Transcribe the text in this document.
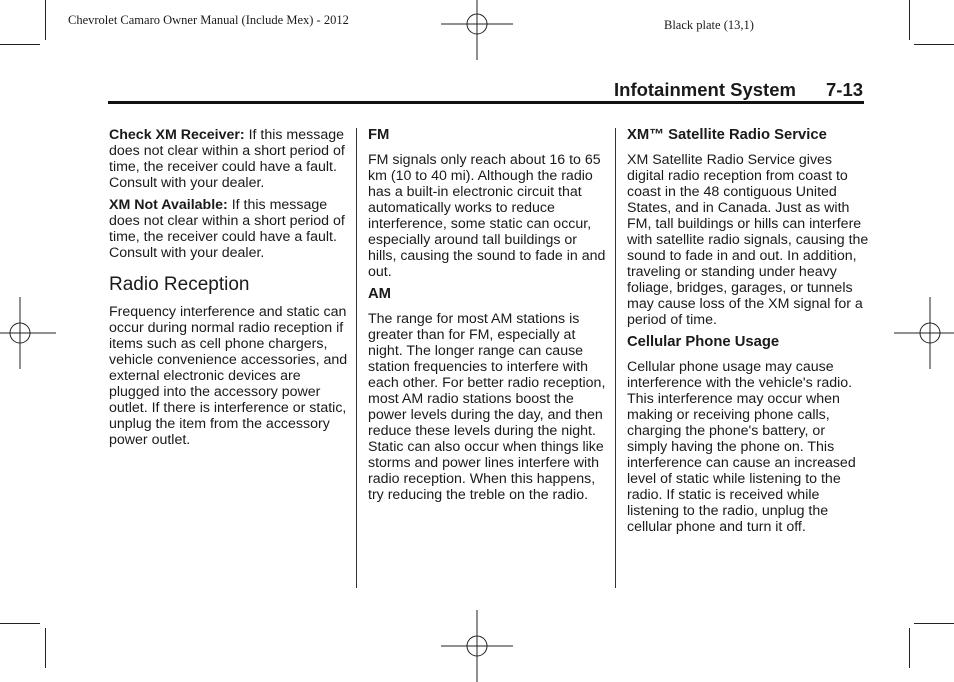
Chevrolet Camaro Owner Manual (Include Mex) - 2012	Black plate (13,1)
Infotainment System 7-13

Check XM Receiver: If this message does not clear within a short period of time, the receiver could have a fault. Consult with your dealer.

XM Not Available: If this message does not clear within a short period of time, the receiver could have a fault. Consult with your dealer.

Radio Reception

Frequency interference and static can occur during normal radio reception if items such as cell phone chargers, vehicle convenience accessories, and external electronic devices are plugged into the accessory power outlet. If there is interference or static, unplug the item from the accessory power outlet.

FM

FM signals only reach about 16 to 65 km (10 to 40 mi). Although the radio has a built-in electronic circuit that automatically works to reduce interference, some static can occur, especially around tall buildings or hills, causing the sound to fade in and out.

AM

The range for most AM stations is greater than for FM, especially at night. The longer range can cause station frequencies to interfere with each other. For better radio reception, most AM radio stations boost the power levels during the day, and then reduce these levels during the night. Static can also occur when things like storms and power lines interfere with radio reception. When this happens, try reducing the treble on the radio.

XM™ Satellite Radio Service

XM Satellite Radio Service gives digital radio reception from coast to coast in the 48 contiguous United States, and in Canada. Just as with FM, tall buildings or hills can interfere with satellite radio signals, causing the sound to fade in and out. In addition, traveling or standing under heavy foliage, bridges, garages, or tunnels may cause loss of the XM signal for a period of time.

Cellular Phone Usage

Cellular phone usage may cause interference with the vehicle's radio. This interference may occur when making or receiving phone calls, charging the phone's battery, or simply having the phone on. This interference can cause an increased level of static while listening to the radio. If static is received while listening to the radio, unplug the cellular phone and turn it off.
